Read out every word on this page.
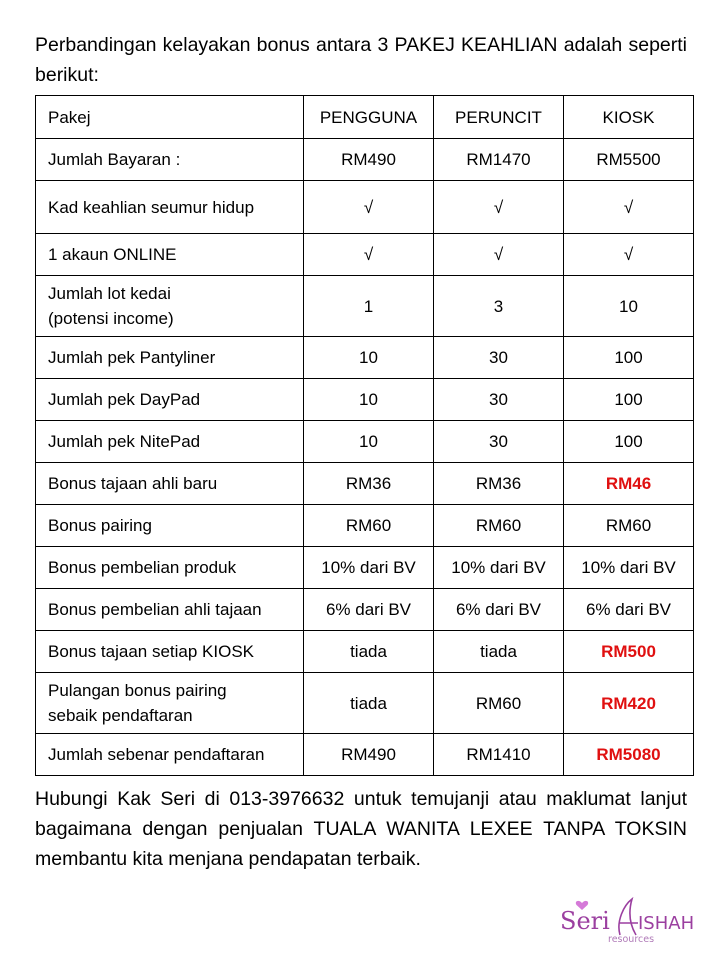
Perbandingan kelayakan bonus antara 3 PAKEJ KEAHLIAN adalah seperti berikut:

Pakej	PENGGUNA	PERUNCIT	KIOSK
Jumlah Bayaran :	RM490	RM1470	RM5500
Kad keahlian seumur hidup	√	√	√
1 akaun ONLINE	√	√	√

Jumlah lot kedai
(potensi income)	1	3	10
Jumlah pek Pantyliner	10	30	100
Jumlah pek DayPad	10	30	100
Jumlah pek NitePad	10	30	100
Bonus tajaan ahli baru	RM36	RM36	RM46
Bonus pairing	RM60	RM60	RM60
Bonus pembelian produk	10% dari BV	10% dari BV	10% dari BV
Bonus pembelian ahli tajaan	6% dari BV	6% dari BV	6% dari BV
Bonus tajaan setiap KIOSK	tiada	tiada	RM500

Pulangan bonus pairing
sebaik pendaftaran	tiada	RM60	RM420
Jumlah sebenar pendaftaran	RM490	RM1410	RM5080

Hubungi Kak Seri di 013-3976632 untuk temujanji atau maklumat lanjut bagaimana dengan penjualan TUALA WANITA LEXEE TANPA TOKSIN membantu kita menjana pendapatan terbaik.

Seri ISHAH
resources
